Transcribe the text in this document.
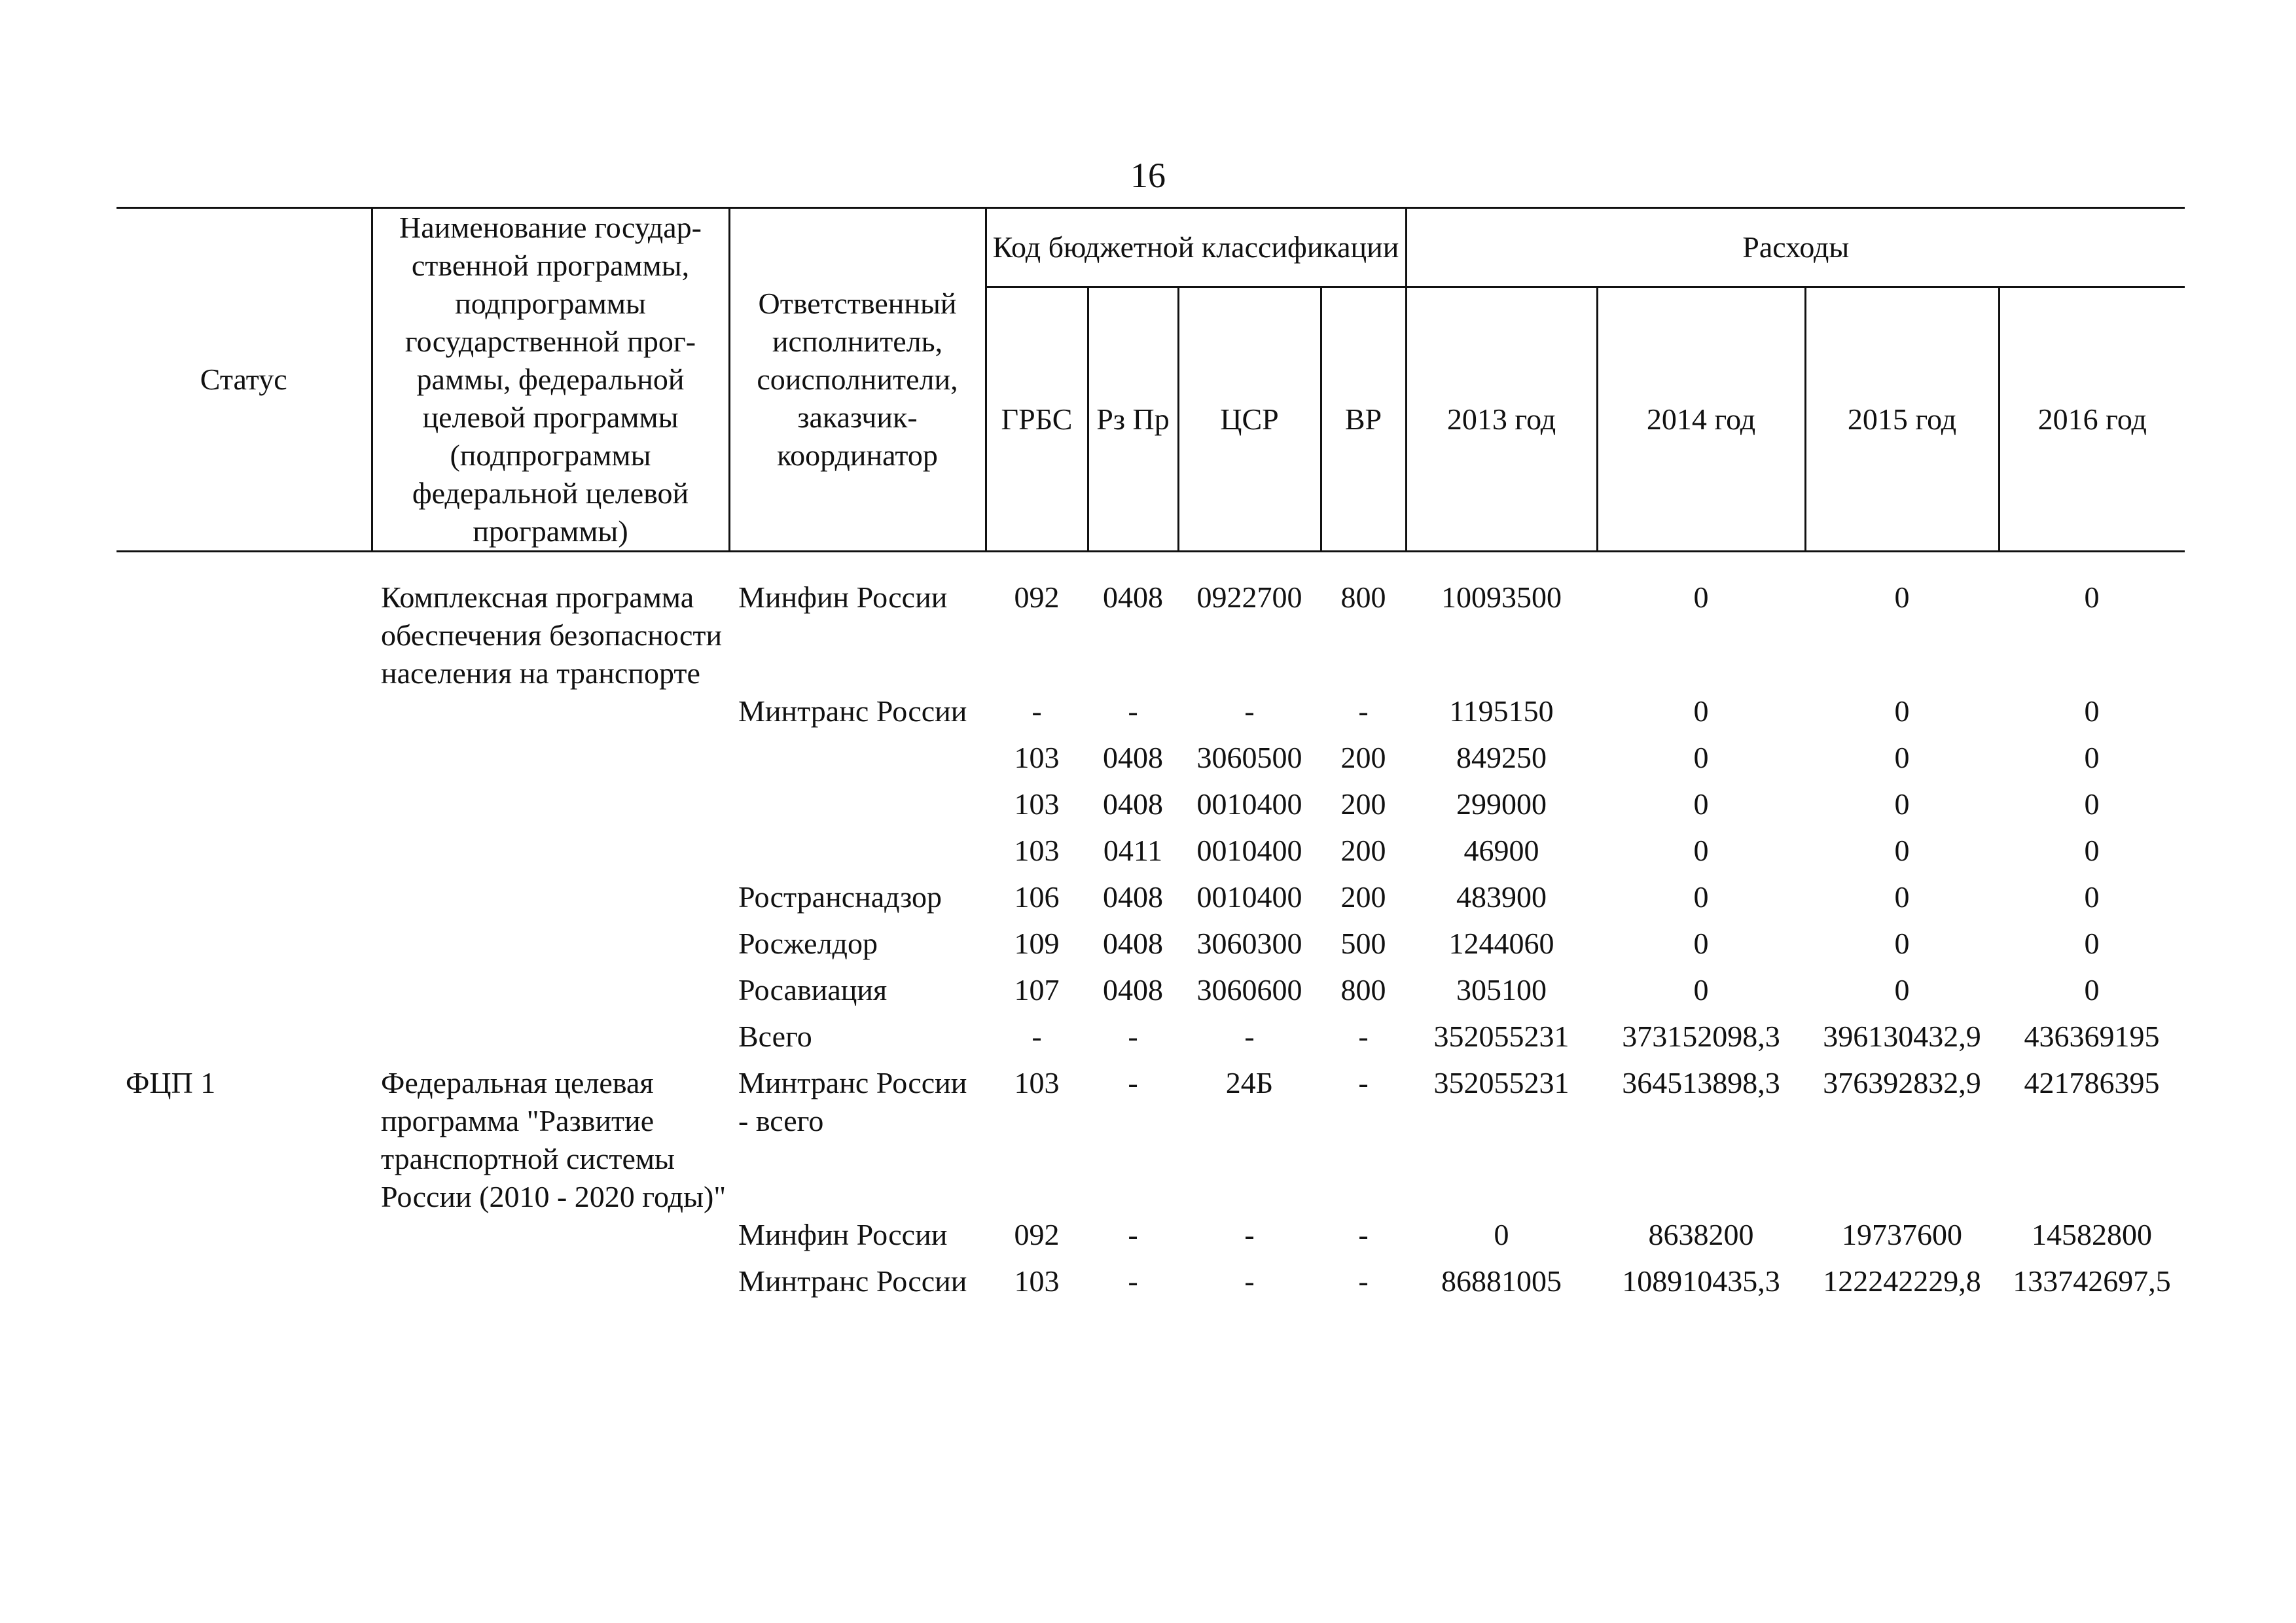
16
Статус	Наименование государ-ственной программы, подпрограммы государственной прог-раммы, федеральной целевой программы (подпрограммы федеральной целевой программы)	Ответственный исполнитель, соисполнители, заказчик-координатор	Код бюджетной классификации				Расходы			
			ГРБС	Рз Пр	ЦСР	ВР	2013 год	2014 год	2015 год	2016 год

	Комплексная программа обеспечения безопасности населения на транспорте	Минфин России	092	0408	0922700	800	10093500	0	0	0
		Минтранс России	-	-	-	-	1195150	0	0	0
			103	0408	3060500	200	849250	0	0	0
			103	0408	0010400	200	299000	0	0	0
			103	0411	0010400	200	46900	0	0	0
		Ространснадзор	106	0408	0010400	200	483900	0	0	0
		Росжелдор	109	0408	3060300	500	1244060	0	0	0
		Росавиация	107	0408	3060600	800	305100	0	0	0
		Всего	-	-	-	-	352055231	373152098,3	396130432,9	436369195
ФЦП 1	Федеральная целевая программа "Развитие транспортной системы России (2010 - 2020 годы)"	Минтранс России - всего	103	-	24Б	-	352055231	364513898,3	376392832,9	421786395
		Минфин России	092	-	-	-	0	8638200	19737600	14582800
		Минтранс России	103	-	-	-	86881005	108910435,3	122242229,8	133742697,5
